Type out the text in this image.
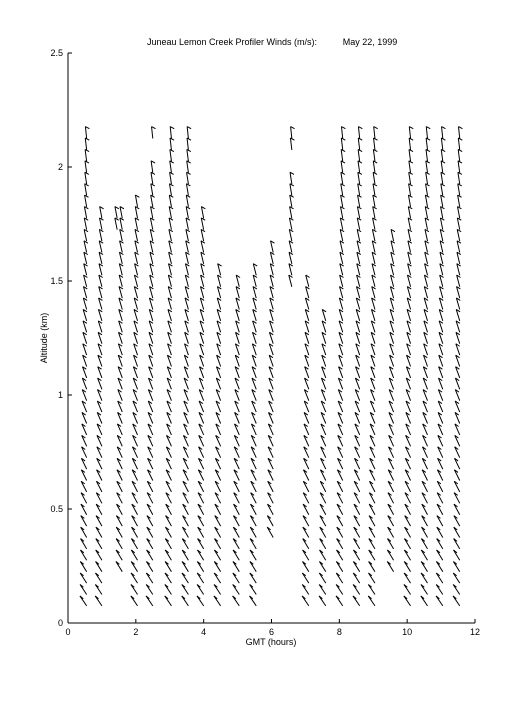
Juneau Lemon Creek Profiler Winds (m/s):	May 22, 1999
0	2	4	6	8	10	12
0
0.5
1
1.5
2
2.5
GMT (hours)
Altitude (km)
